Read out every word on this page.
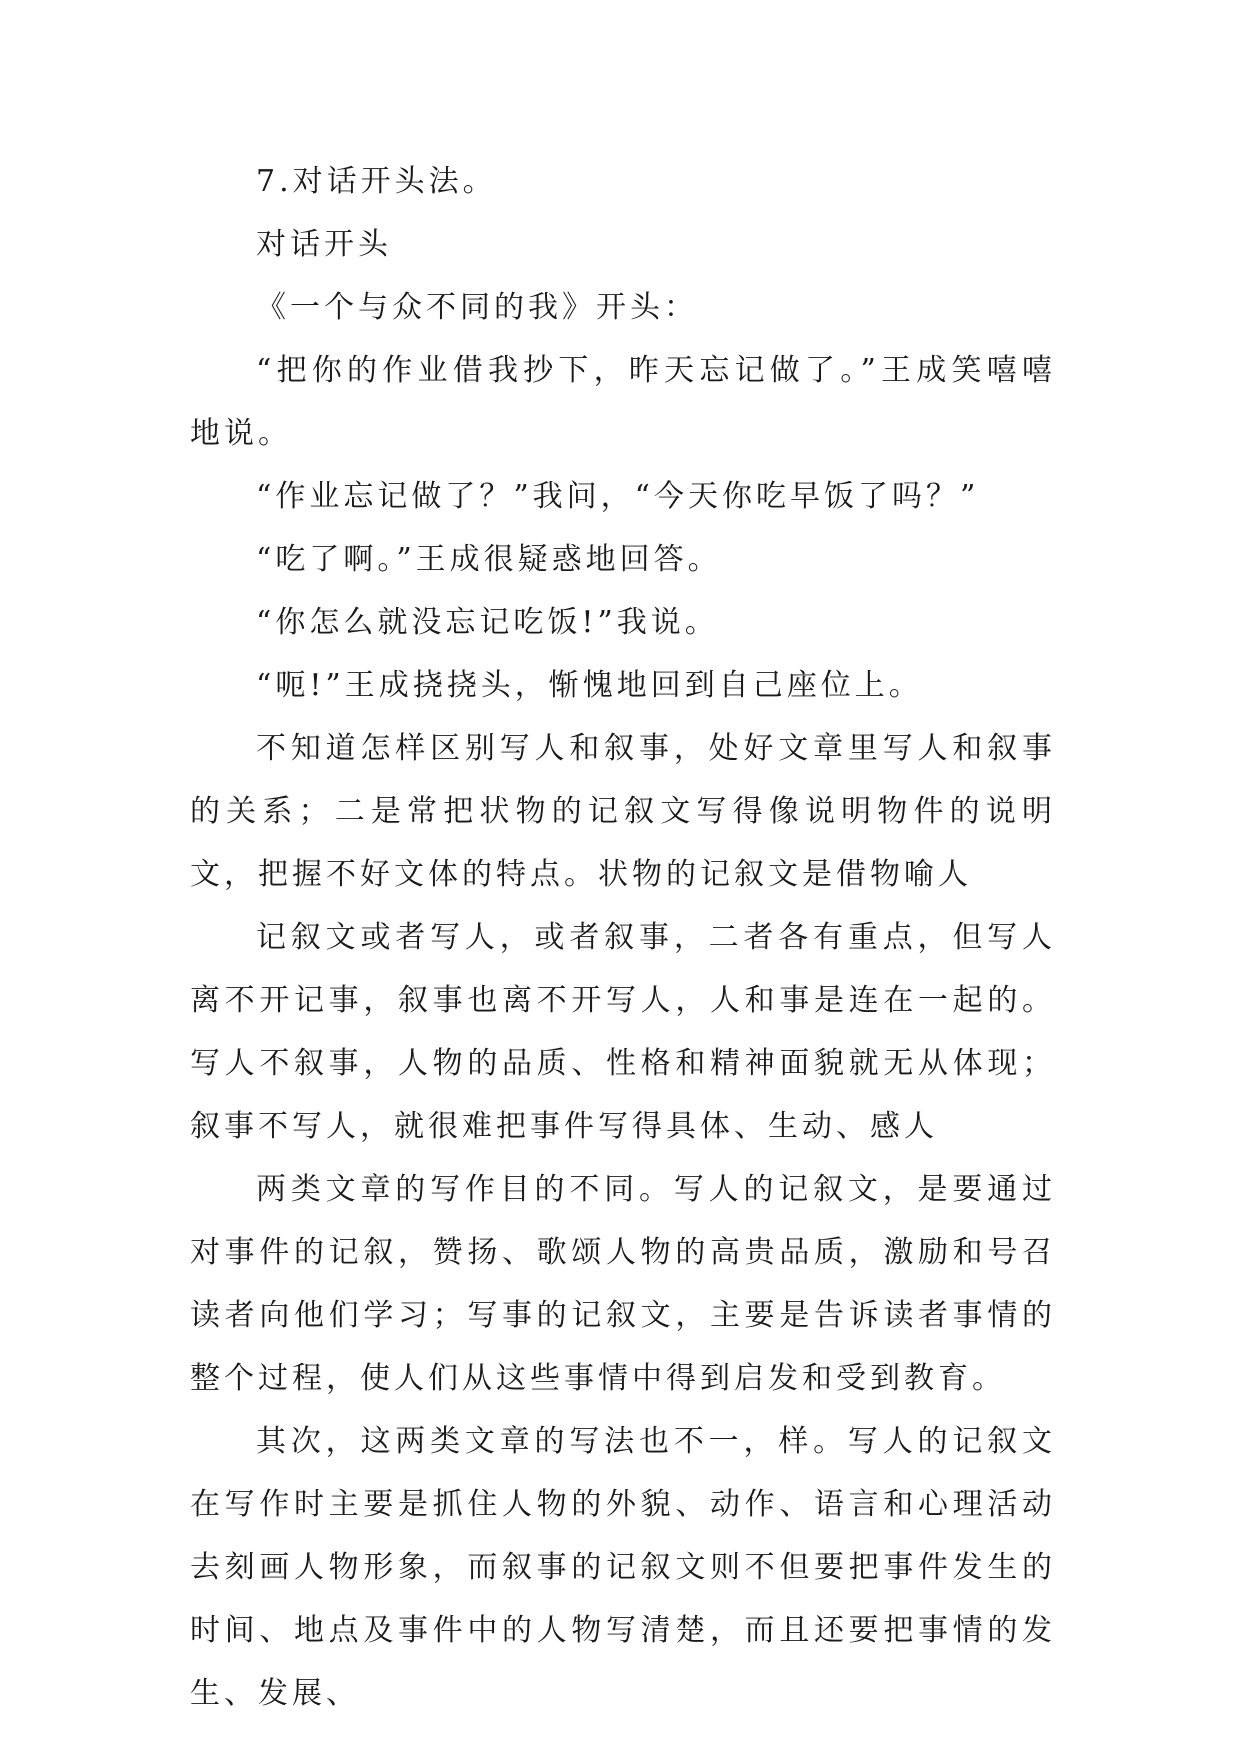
7.对话开头法。

对话开头

《一个与众不同的我》开头：

“把你的作业借我抄下，昨天忘记做了。”王成笑嘻嘻地说。

“作业忘记做了？”我问，“今天你吃早饭了吗？”

“吃了啊。”王成很疑惑地回答。

“你怎么就没忘记吃饭!”我说。

“呃!”王成挠挠头，惭愧地回到自己座位上。

不知道怎样区别写人和叙事，处好文章里写人和叙事的关系；二是常把状物的记叙文写得像说明物件的说明文，把握不好文体的特点。状物的记叙文是借物喻人

记叙文或者写人，或者叙事，二者各有重点，但写人离不开记事，叙事也离不开写人，人和事是连在一起的。写人不叙事，人物的品质、性格和精神面貌就无从体现；叙事不写人，就很难把事件写得具体、生动、感人

两类文章的写作目的不同。写人的记叙文，是要通过对事件的记叙，赞扬、歌颂人物的高贵品质，激励和号召读者向他们学习；写事的记叙文，主要是告诉读者事情的整个过程，使人们从这些事情中得到启发和受到教育。

其次，这两类文章的写法也不一，样。写人的记叙文在写作时主要是抓住人物的外貌、动作、语言和心理活动去刻画人物形象，而叙事的记叙文则不但要把事件发生的时间、地点及事件中的人物写清楚，而且还要把事情的发生、发展、
